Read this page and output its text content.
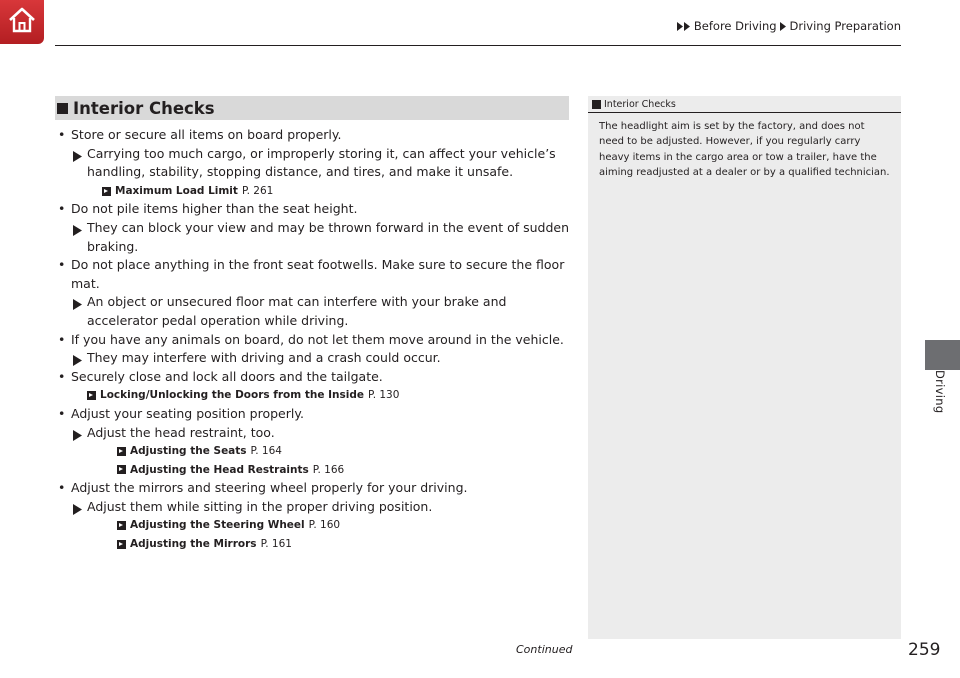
Before Driving Driving Preparation
Interior Checks
• Store or secure all items on board properly.
Carrying too much cargo, or improperly storing it, can affect your vehicle’s handling, stability, stopping distance, and tires, and make it unsafe.
Maximum Load Limit P. 261
• Do not pile items higher than the seat height.
They can block your view and may be thrown forward in the event of sudden braking.
• Do not place anything in the front seat footwells. Make sure to secure the floor mat.
An object or unsecured floor mat can interfere with your brake and accelerator pedal operation while driving.
• If you have any animals on board, do not let them move around in the vehicle.
They may interfere with driving and a crash could occur.
• Securely close and lock all doors and the tailgate.
Locking/Unlocking the Doors from the Inside P. 130
• Adjust your seating position properly.
Adjust the head restraint, too.
Adjusting the Seats P. 164
Adjusting the Head Restraints P. 166
• Adjust the mirrors and steering wheel properly for your driving.
Adjust them while sitting in the proper driving position.
Adjusting the Steering Wheel P. 160
Adjusting the Mirrors P. 161
Interior Checks
The headlight aim is set by the factory, and does not need to be adjusted. However, if you regularly carry heavy items in the cargo area or tow a trailer, have the aiming readjusted at a dealer or by a qualified technician.
Driving
Continued	259
